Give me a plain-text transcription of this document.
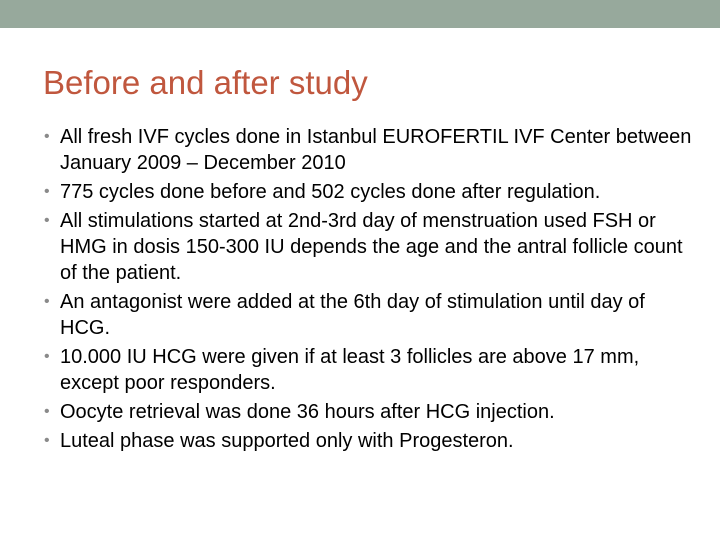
Before and after study
• All fresh IVF cycles done in Istanbul EUROFERTIL IVF Center between January 2009 – December 2010
• 775 cycles done before and 502 cycles done after regulation.
• All stimulations started at 2nd-3rd day of menstruation used FSH or HMG in dosis 150-300 IU depends the age and the antral follicle count of the patient.
• An antagonist were added at the 6th day of stimulation until day of HCG.
• 10.000 IU HCG were given if at least 3 follicles are above 17 mm, except poor responders.
• Oocyte retrieval was done 36 hours after HCG injection.
• Luteal phase was supported only with Progesteron.
